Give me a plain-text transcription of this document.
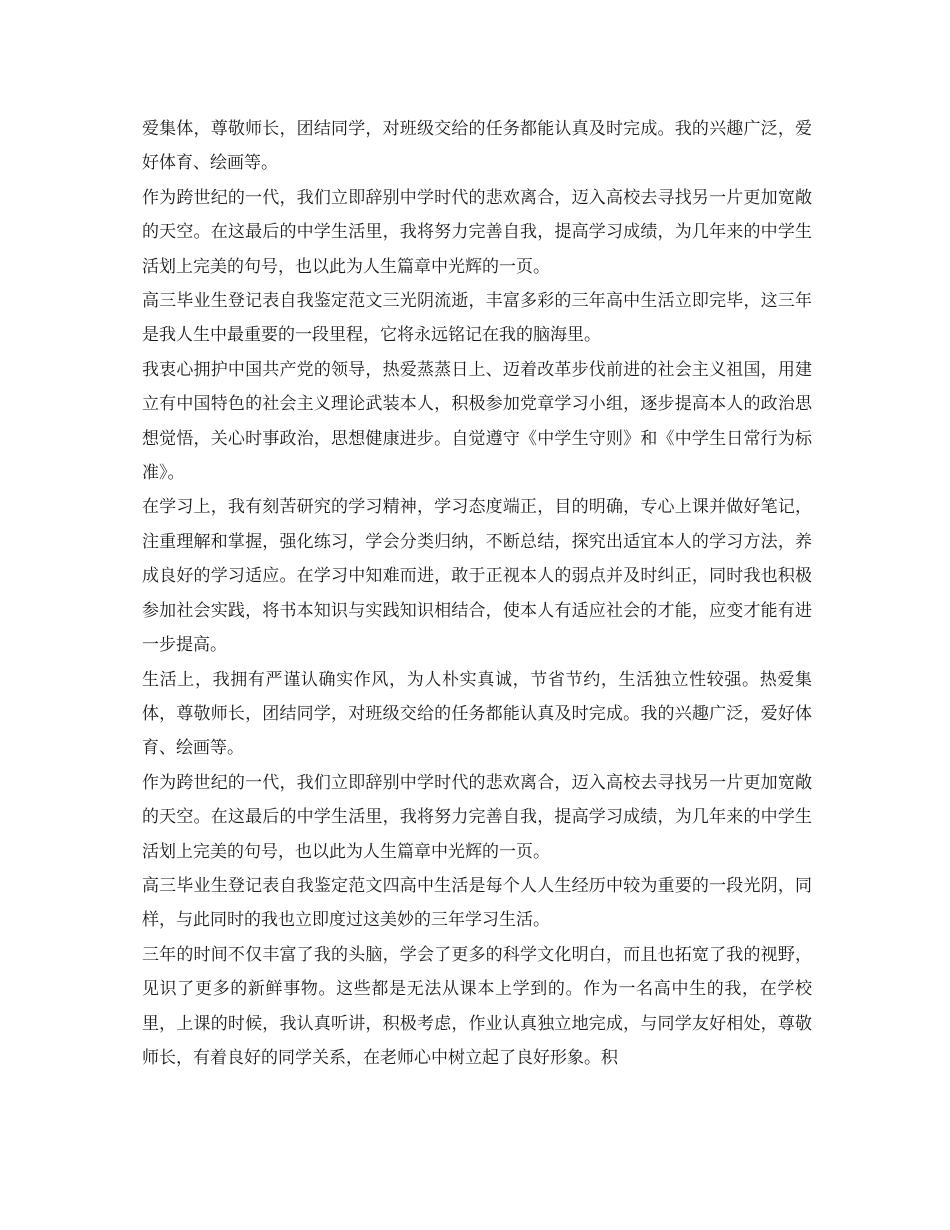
爱集体，尊敬师长，团结同学，对班级交给的任务都能认真及时完成。我的兴趣广泛，爱好体育、绘画等。

作为跨世纪的一代，我们立即辞别中学时代的悲欢离合，迈入高校去寻找另一片更加宽敞的天空。在这最后的中学生活里，我将努力完善自我，提高学习成绩，为几年来的中学生活划上完美的句号，也以此为人生篇章中光辉的一页。

高三毕业生登记表自我鉴定范文三光阴流逝，丰富多彩的三年高中生活立即完毕，这三年是我人生中最重要的一段里程，它将永远铭记在我的脑海里。

我衷心拥护中国共产党的领导，热爱蒸蒸日上、迈着改革步伐前进的社会主义祖国，用建立有中国特色的社会主义理论武装本人，积极参加党章学习小组，逐步提高本人的政治思想觉悟，关心时事政治，思想健康进步。自觉遵守《中学生守则》和《中学生日常行为标准》。

在学习上，我有刻苦研究的学习精神，学习态度端正，目的明确，专心上课并做好笔记，注重理解和掌握，强化练习，学会分类归纳，不断总结，探究出适宜本人的学习方法，养成良好的学习适应。在学习中知难而进，敢于正视本人的弱点并及时纠正，同时我也积极参加社会实践，将书本知识与实践知识相结合，使本人有适应社会的才能，应变才能有进一步提高。

生活上，我拥有严谨认确实作风，为人朴实真诚，节省节约，生活独立性较强。热爱集体，尊敬师长，团结同学，对班级交给的任务都能认真及时完成。我的兴趣广泛，爱好体育、绘画等。

作为跨世纪的一代，我们立即辞别中学时代的悲欢离合，迈入高校去寻找另一片更加宽敞的天空。在这最后的中学生活里，我将努力完善自我，提高学习成绩，为几年来的中学生活划上完美的句号，也以此为人生篇章中光辉的一页。

高三毕业生登记表自我鉴定范文四高中生活是每个人人生经历中较为重要的一段光阴，同样，与此同时的我也立即度过这美妙的三年学习生活。

三年的时间不仅丰富了我的头脑，学会了更多的科学文化明白，而且也拓宽了我的视野，见识了更多的新鲜事物。这些都是无法从课本上学到的。作为一名高中生的我，在学校里，上课的时候，我认真听讲，积极考虑，作业认真独立地完成，与同学友好相处，尊敬师长，有着良好的同学关系，在老师心中树立起了良好形象。积
